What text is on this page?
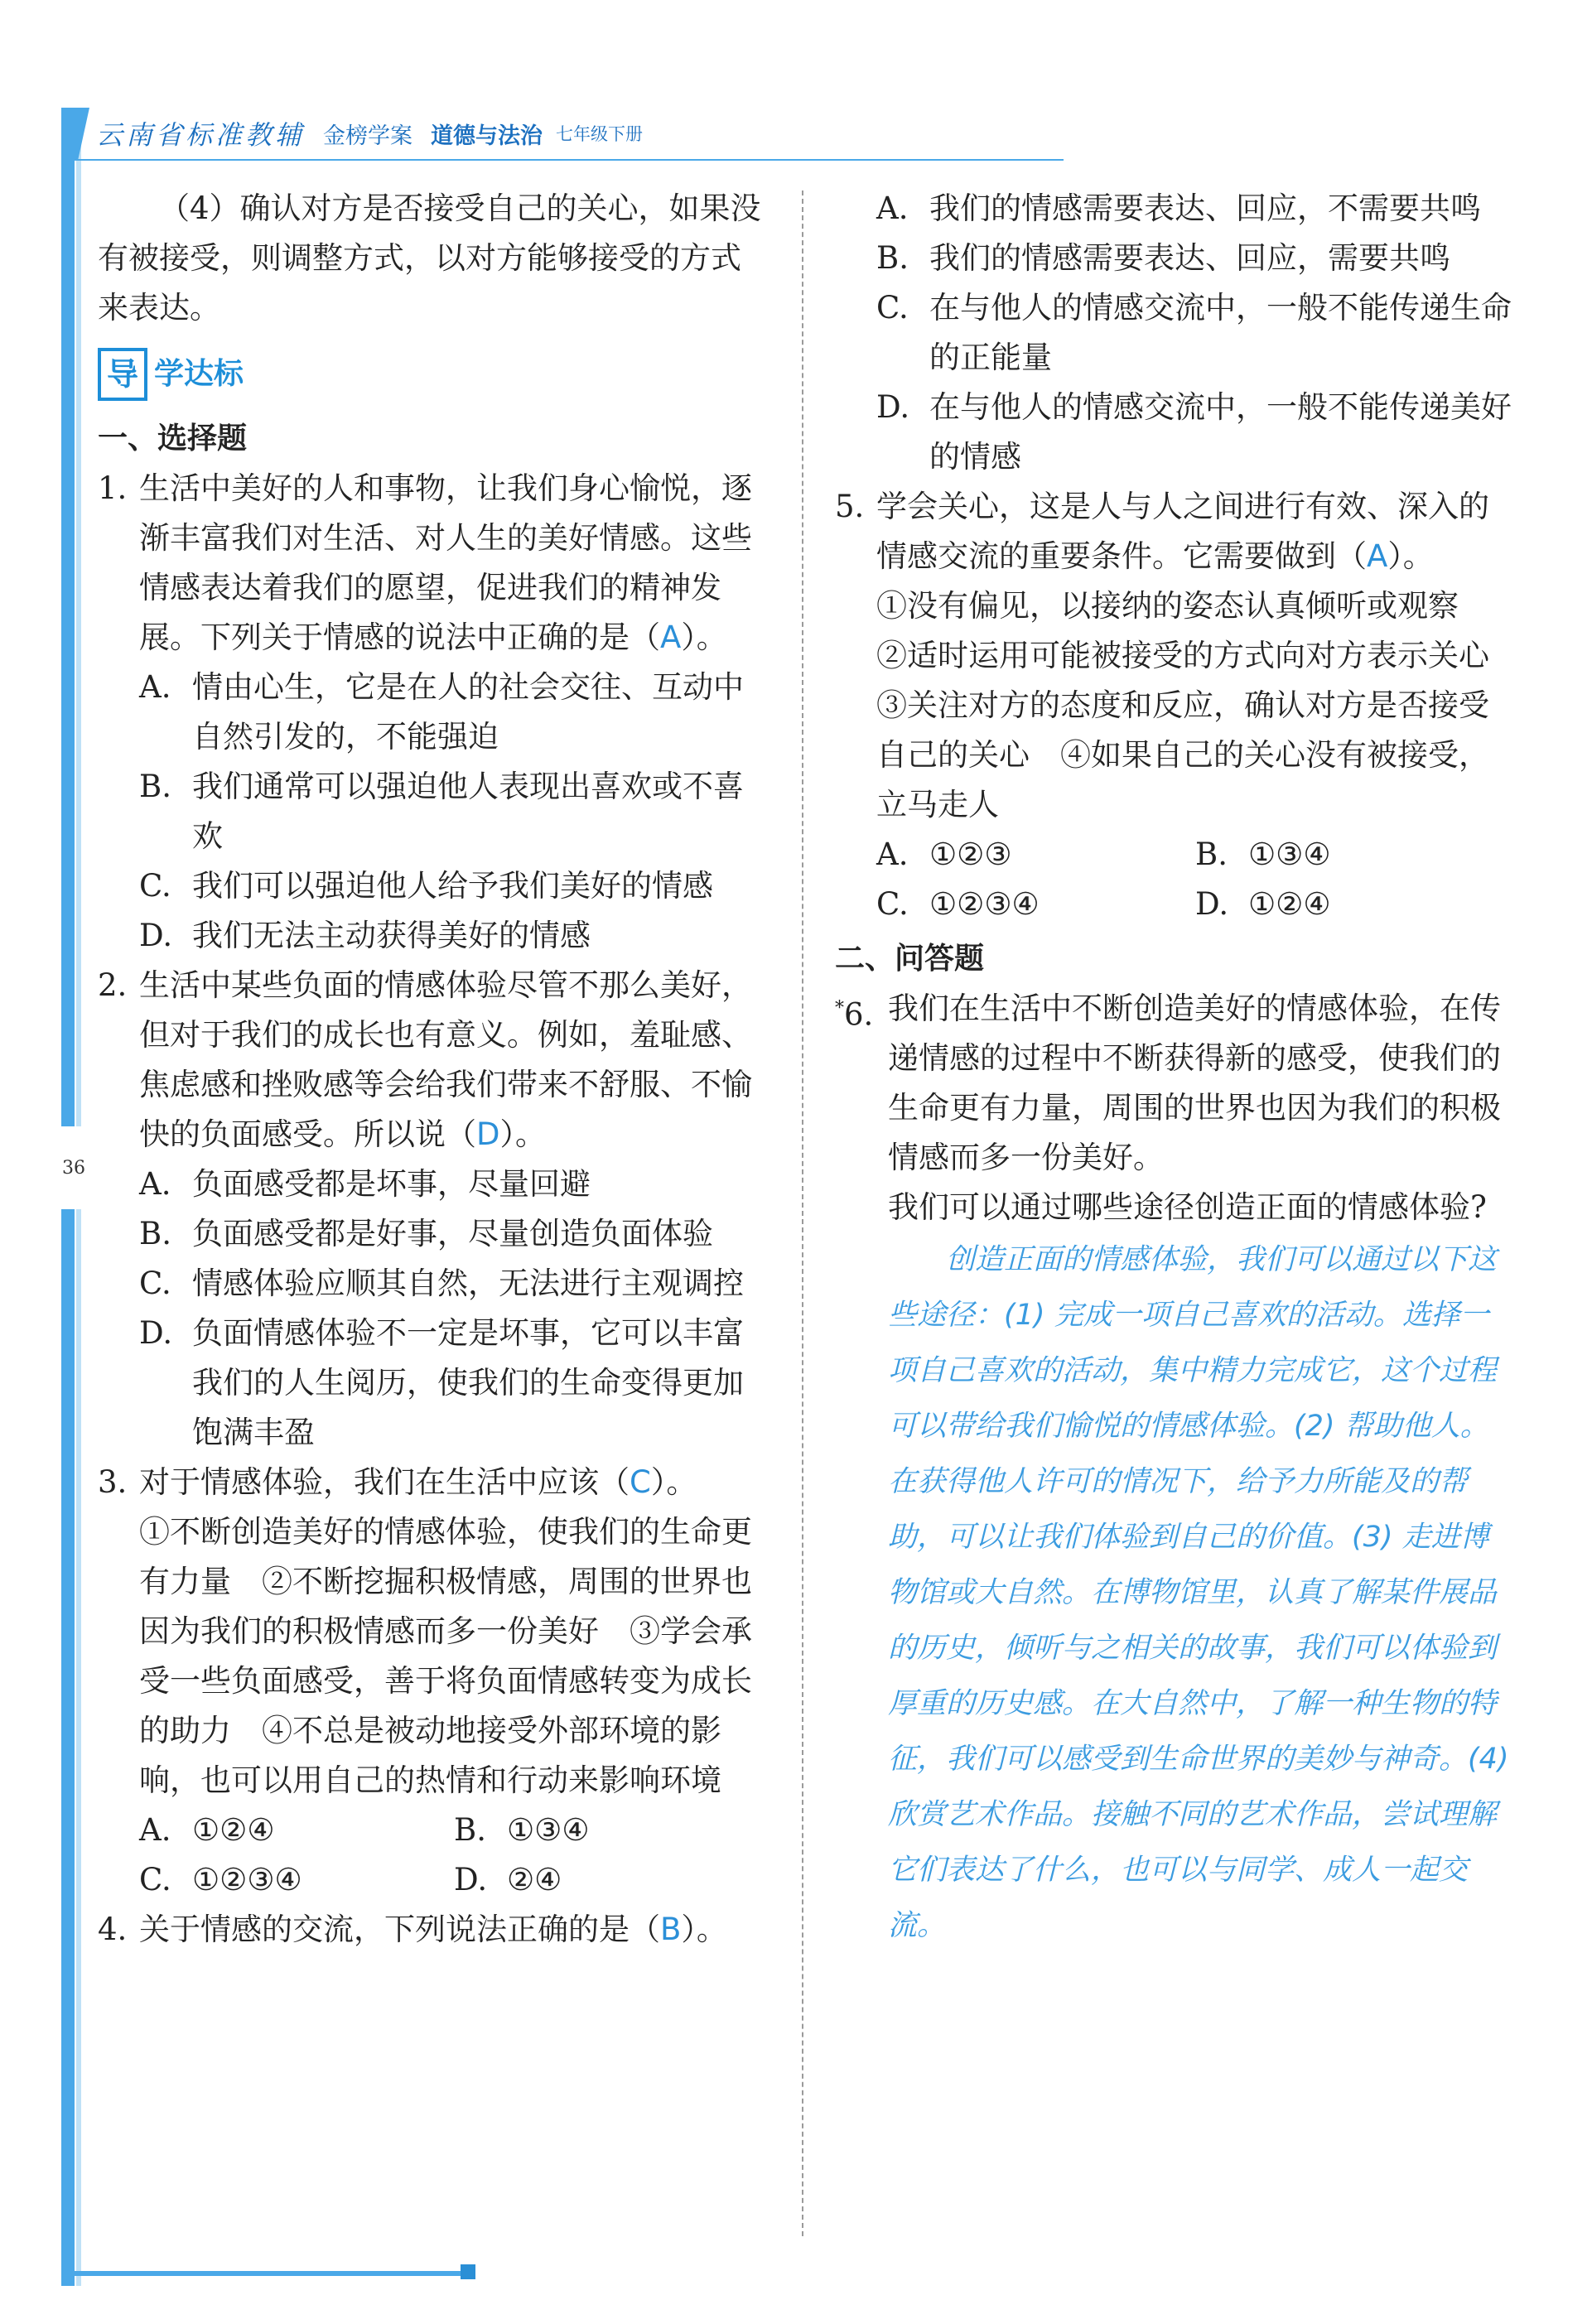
36
云南省标准教辅 金榜学案 道德与法治 七年级下册

（4）确认对方是否接受自己的关心，如果没有被接受，则调整方式，以对方能够接受的方式来表达。

导 学达标
一、选择题
1. 生活中美好的人和事物，让我们身心愉悦，逐渐丰富我们对生活、对人生的美好情感。这些情感表达着我们的愿望，促进我们的精神发展。下列关于情感的说法中正确的是（A）。
A. 情由心生，它是在人的社会交往、互动中自然引发的，不能强迫
B. 我们通常可以强迫他人表现出喜欢或不喜欢
C. 我们可以强迫他人给予我们美好的情感
D. 我们无法主动获得美好的情感
2. 生活中某些负面的情感体验尽管不那么美好，但对于我们的成长也有意义。例如，羞耻感、焦虑感和挫败感等会给我们带来不舒服、不愉快的负面感受。所以说（D）。
A. 负面感受都是坏事，尽量回避
B. 负面感受都是好事，尽量创造负面体验
C. 情感体验应顺其自然，无法进行主观调控
D. 负面情感体验不一定是坏事，它可以丰富我们的人生阅历，使我们的生命变得更加饱满丰盈
3. 对于情感体验，我们在生活中应该（C）。
①不断创造美好的情感体验，使我们的生命更有力量　②不断挖掘积极情感，周围的世界也因为我们的积极情感而多一份美好　③学会承受一些负面感受，善于将负面情感转变为成长的助力　④不总是被动地接受外部环境的影响，也可以用自己的热情和行动来影响环境
A. ①②④	B. ①③④
C. ①②③④	D. ②④
4. 关于情感的交流，下列说法正确的是（B）。
A. 我们的情感需要表达、回应，不需要共鸣
B. 我们的情感需要表达、回应，需要共鸣
C. 在与他人的情感交流中，一般不能传递生命的正能量
D. 在与他人的情感交流中，一般不能传递美好的情感
5. 学会关心，这是人与人之间进行有效、深入的情感交流的重要条件。它需要做到（A）。
①没有偏见，以接纳的姿态认真倾听或观察　②适时运用可能被接受的方式向对方表示关心　③关注对方的态度和反应，确认对方是否接受自己的关心　④如果自己的关心没有被接受，立马走人
A. ①②③	B. ①③④
C. ①②③④	D. ①②④
二、问答题
*6. 我们在生活中不断创造美好的情感体验，在传递情感的过程中不断获得新的感受，使我们的生命更有力量，周围的世界也因为我们的积极情感而多一份美好。
我们可以通过哪些途径创造正面的情感体验?

创造正面的情感体验，我们可以通过以下这些途径：(1) 完成一项自己喜欢的活动。选择一项自己喜欢的活动，集中精力完成它，这个过程可以带给我们愉悦的情感体验。(2) 帮助他人。在获得他人许可的情况下，给予力所能及的帮助，可以让我们体验到自己的价值。(3) 走进博物馆或大自然。在博物馆里，认真了解某件展品的历史，倾听与之相关的故事，我们可以体验到厚重的历史感。在大自然中，了解一种生物的特征，我们可以感受到生命世界的美妙与神奇。(4) 欣赏艺术作品。接触不同的艺术作品，尝试理解它们表达了什么，也可以与同学、成人一起交流。
